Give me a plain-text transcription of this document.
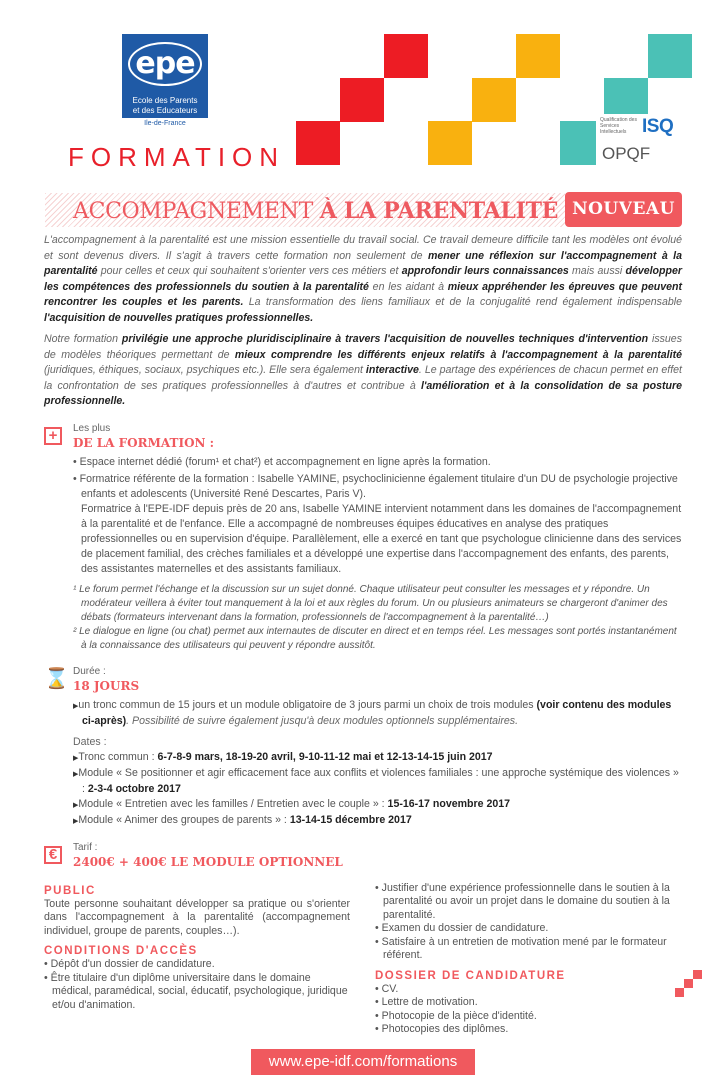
epe
Ecole des Parents
et des Educateurs
Ile-de-France
FORMATION
Qualification des Services Intellectuels ISQ
OPQF
ACCOMPAGNEMENT À LA PARENTALITÉ NOUVEAU
L'accompagnement à la parentalité est une mission essentielle du travail social. Ce travail demeure difficile tant les modèles ont évolué et sont devenus divers. Il s'agit à travers cette formation non seulement de mener une réflexion sur l'accompagnement à la parentalité pour celles et ceux qui souhaitent s'orienter vers ces métiers et approfondir leurs connaissances mais aussi développer les compétences des professionnels du soutien à la parentalité en les aidant à mieux appréhender les épreuves que peuvent rencontrer les couples et les parents. La transformation des liens familiaux et de la conjugalité rend également indispensable l'acquisition de nouvelles pratiques professionnelles.
Notre formation privilégie une approche pluridisciplinaire à travers l'acquisition de nouvelles techniques d'intervention issues de modèles théoriques permettant de mieux comprendre les différents enjeux relatifs à l'accompagnement à la parentalité (juridiques, éthiques, sociaux, psychiques etc.). Elle sera également interactive. Le partage des expériences de chacun permet en effet la confrontation de ses pratiques professionnelles à d'autres et contribue à l'amélioration et à la consolidation de sa posture professionnelle.
+	Les plus
DE LA FORMATION :
• Espace internet dédié (forum¹ et chat²) et accompagnement en ligne après la formation.
• Formatrice référente de la formation : Isabelle YAMINE, psychoclinicienne également titulaire d'un DU de psychologie projective enfants et adolescents (Université René Descartes, Paris V).
Formatrice à l'EPE-IDF depuis près de 20 ans, Isabelle YAMINE intervient notamment dans les domaines de l'accompagnement à la parentalité et de l'enfance. Elle a accompagné de nombreuses équipes éducatives en analyse des pratiques professionnelles ou en supervision d'équipe. Parallèlement, elle a exercé en tant que psychologue clinicienne dans des services de placement familial, des crèches familiales et a développé une expertise dans l'accompagnement des enfants, des parents, des assistantes maternelles et des assistants familiaux.
¹ Le forum permet l'échange et la discussion sur un sujet donné. Chaque utilisateur peut consulter les messages et y répondre. Un modérateur veillera à éviter tout manquement à la loi et aux règles du forum. Un ou plusieurs animateurs se chargeront d'animer des débats (formateurs intervenant dans la formation, professionnels de l'accompagnement à la parentalité…)
² Le dialogue en ligne (ou chat) permet aux internautes de discuter en direct et en temps réel. Les messages sont portés instantanément à la connaissance des utilisateurs qui peuvent y répondre aussitôt.
⌛ Durée :
18 JOURS
▶ un tronc commun de 15 jours et un module obligatoire de 3 jours parmi un choix de trois modules (voir contenu des modules ci-après). Possibilité de suivre également jusqu'à deux modules optionnels supplémentaires.
Dates :
▶ Tronc commun : 6-7-8-9 mars, 18-19-20 avril, 9-10-11-12 mai et 12-13-14-15 juin 2017
▶ Module « Se positionner et agir efficacement face aux conflits et violences familiales : une approche systémique des violences » : 2-3-4 octobre 2017
▶ Module « Entretien avec les familles / Entretien avec le couple » : 15-16-17 novembre 2017
▶ Module « Animer des groupes de parents » : 13-14-15 décembre 2017
€	Tarif :
2400€ + 400€ LE MODULE OPTIONNEL
PUBLIC
Toute personne souhaitant développer sa pratique ou s'orienter dans l'accompagnement à la parentalité (accompagnement individuel, groupe de parents, couples…).
CONDITIONS D'ACCÈS
• Dépôt d'un dossier de candidature.
• Être titulaire d'un diplôme universitaire dans le domaine médical, paramédical, social, éducatif, psychologique, juridique et/ou d'animation.
• Justifier d'une expérience professionnelle dans le soutien à la parentalité ou avoir un projet dans le domaine du soutien à la parentalité.
• Examen du dossier de candidature.
• Satisfaire à un entretien de motivation mené par le formateur référent.
DOSSIER DE CANDIDATURE
• CV.
• Lettre de motivation.
• Photocopie de la pièce d'identité.
• Photocopies des diplômes.
www.epe-idf.com/formations
